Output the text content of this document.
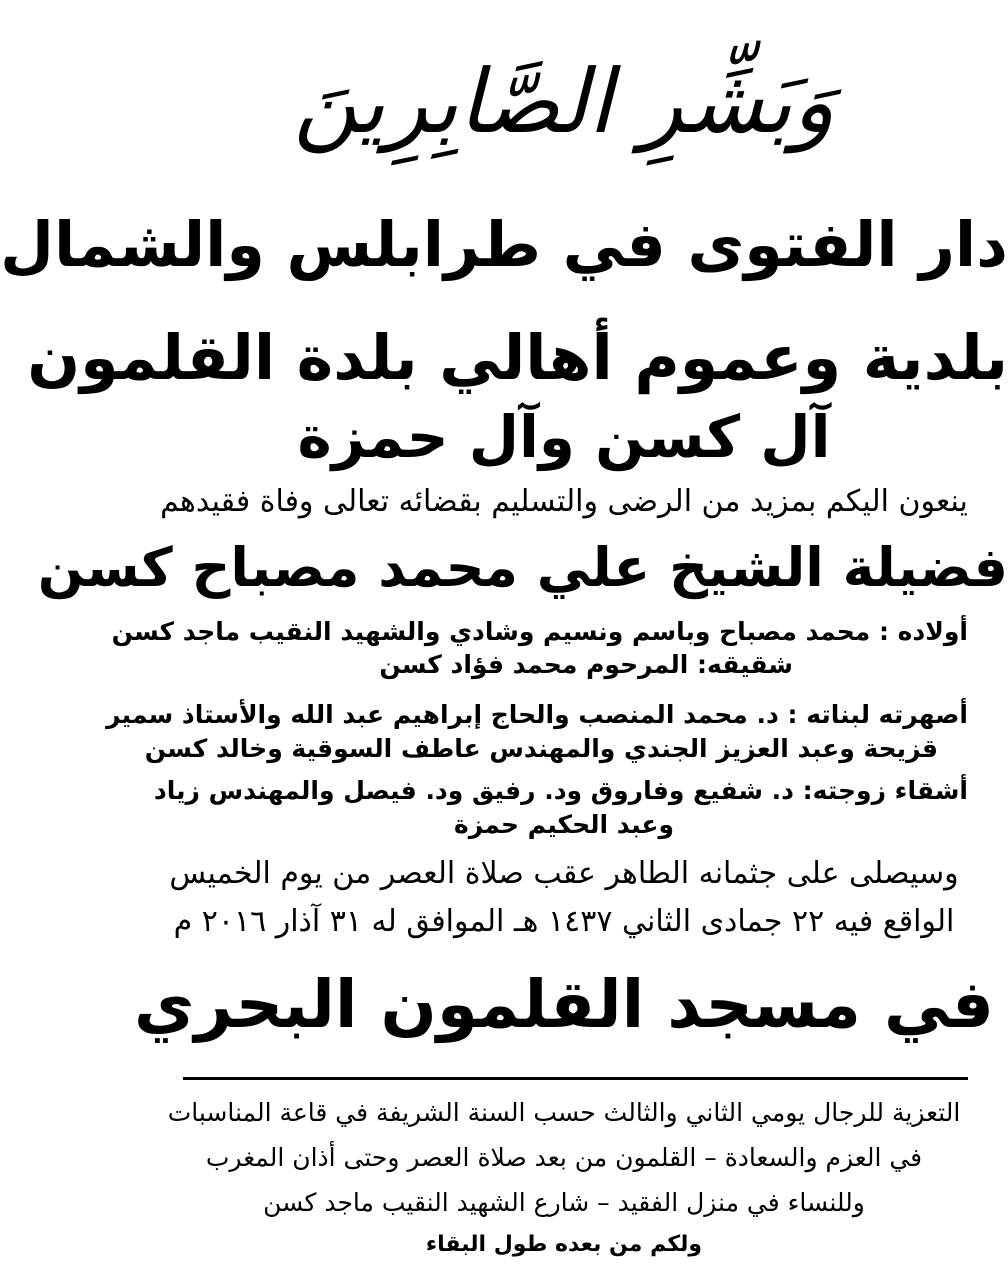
وَبَشِّرِ الصَّابِرِينَ
دار الفتوى في طرابلس والشمال
بلدية وعموم أهالي بلدة القلمون
آل كسن وآل حمزة
ينعون اليكم بمزيد من الرضى والتسليم بقضائه تعالى وفاة فقيدهم
فضيلة الشيخ علي محمد مصباح كسن
أولاده : محمد مصباح وباسم ونسيم وشادي والشهيد النقيب ماجد كسن
شقيقه: المرحوم محمد فؤاد كسن
أصهرته لبناته : د. محمد المنصب والحاج إبراهيم عبد الله والأستاذ سمير
قزيحة وعبد العزيز الجندي والمهندس عاطف السوقية وخالد كسن
أشقاء زوجته: د. شفيع وفاروق ود. رفيق ود. فيصل والمهندس زياد
وعبد الحكيم حمزة
وسيصلى على جثمانه الطاهر عقب صلاة العصر من يوم الخميس
الواقع فيه ٢٢ جمادى الثاني ١٤٣٧ هـ الموافق له ٣١ آذار ٢٠١٦ م
في مسجد القلمون البحري
التعزية للرجال يومي الثاني والثالث حسب السنة الشريفة في قاعة المناسبات
في العزم والسعادة – القلمون من بعد صلاة العصر وحتى أذان المغرب
وللنساء في منزل الفقيد – شارع الشهيد النقيب ماجد كسن
ولكم من بعده طول البقاء
